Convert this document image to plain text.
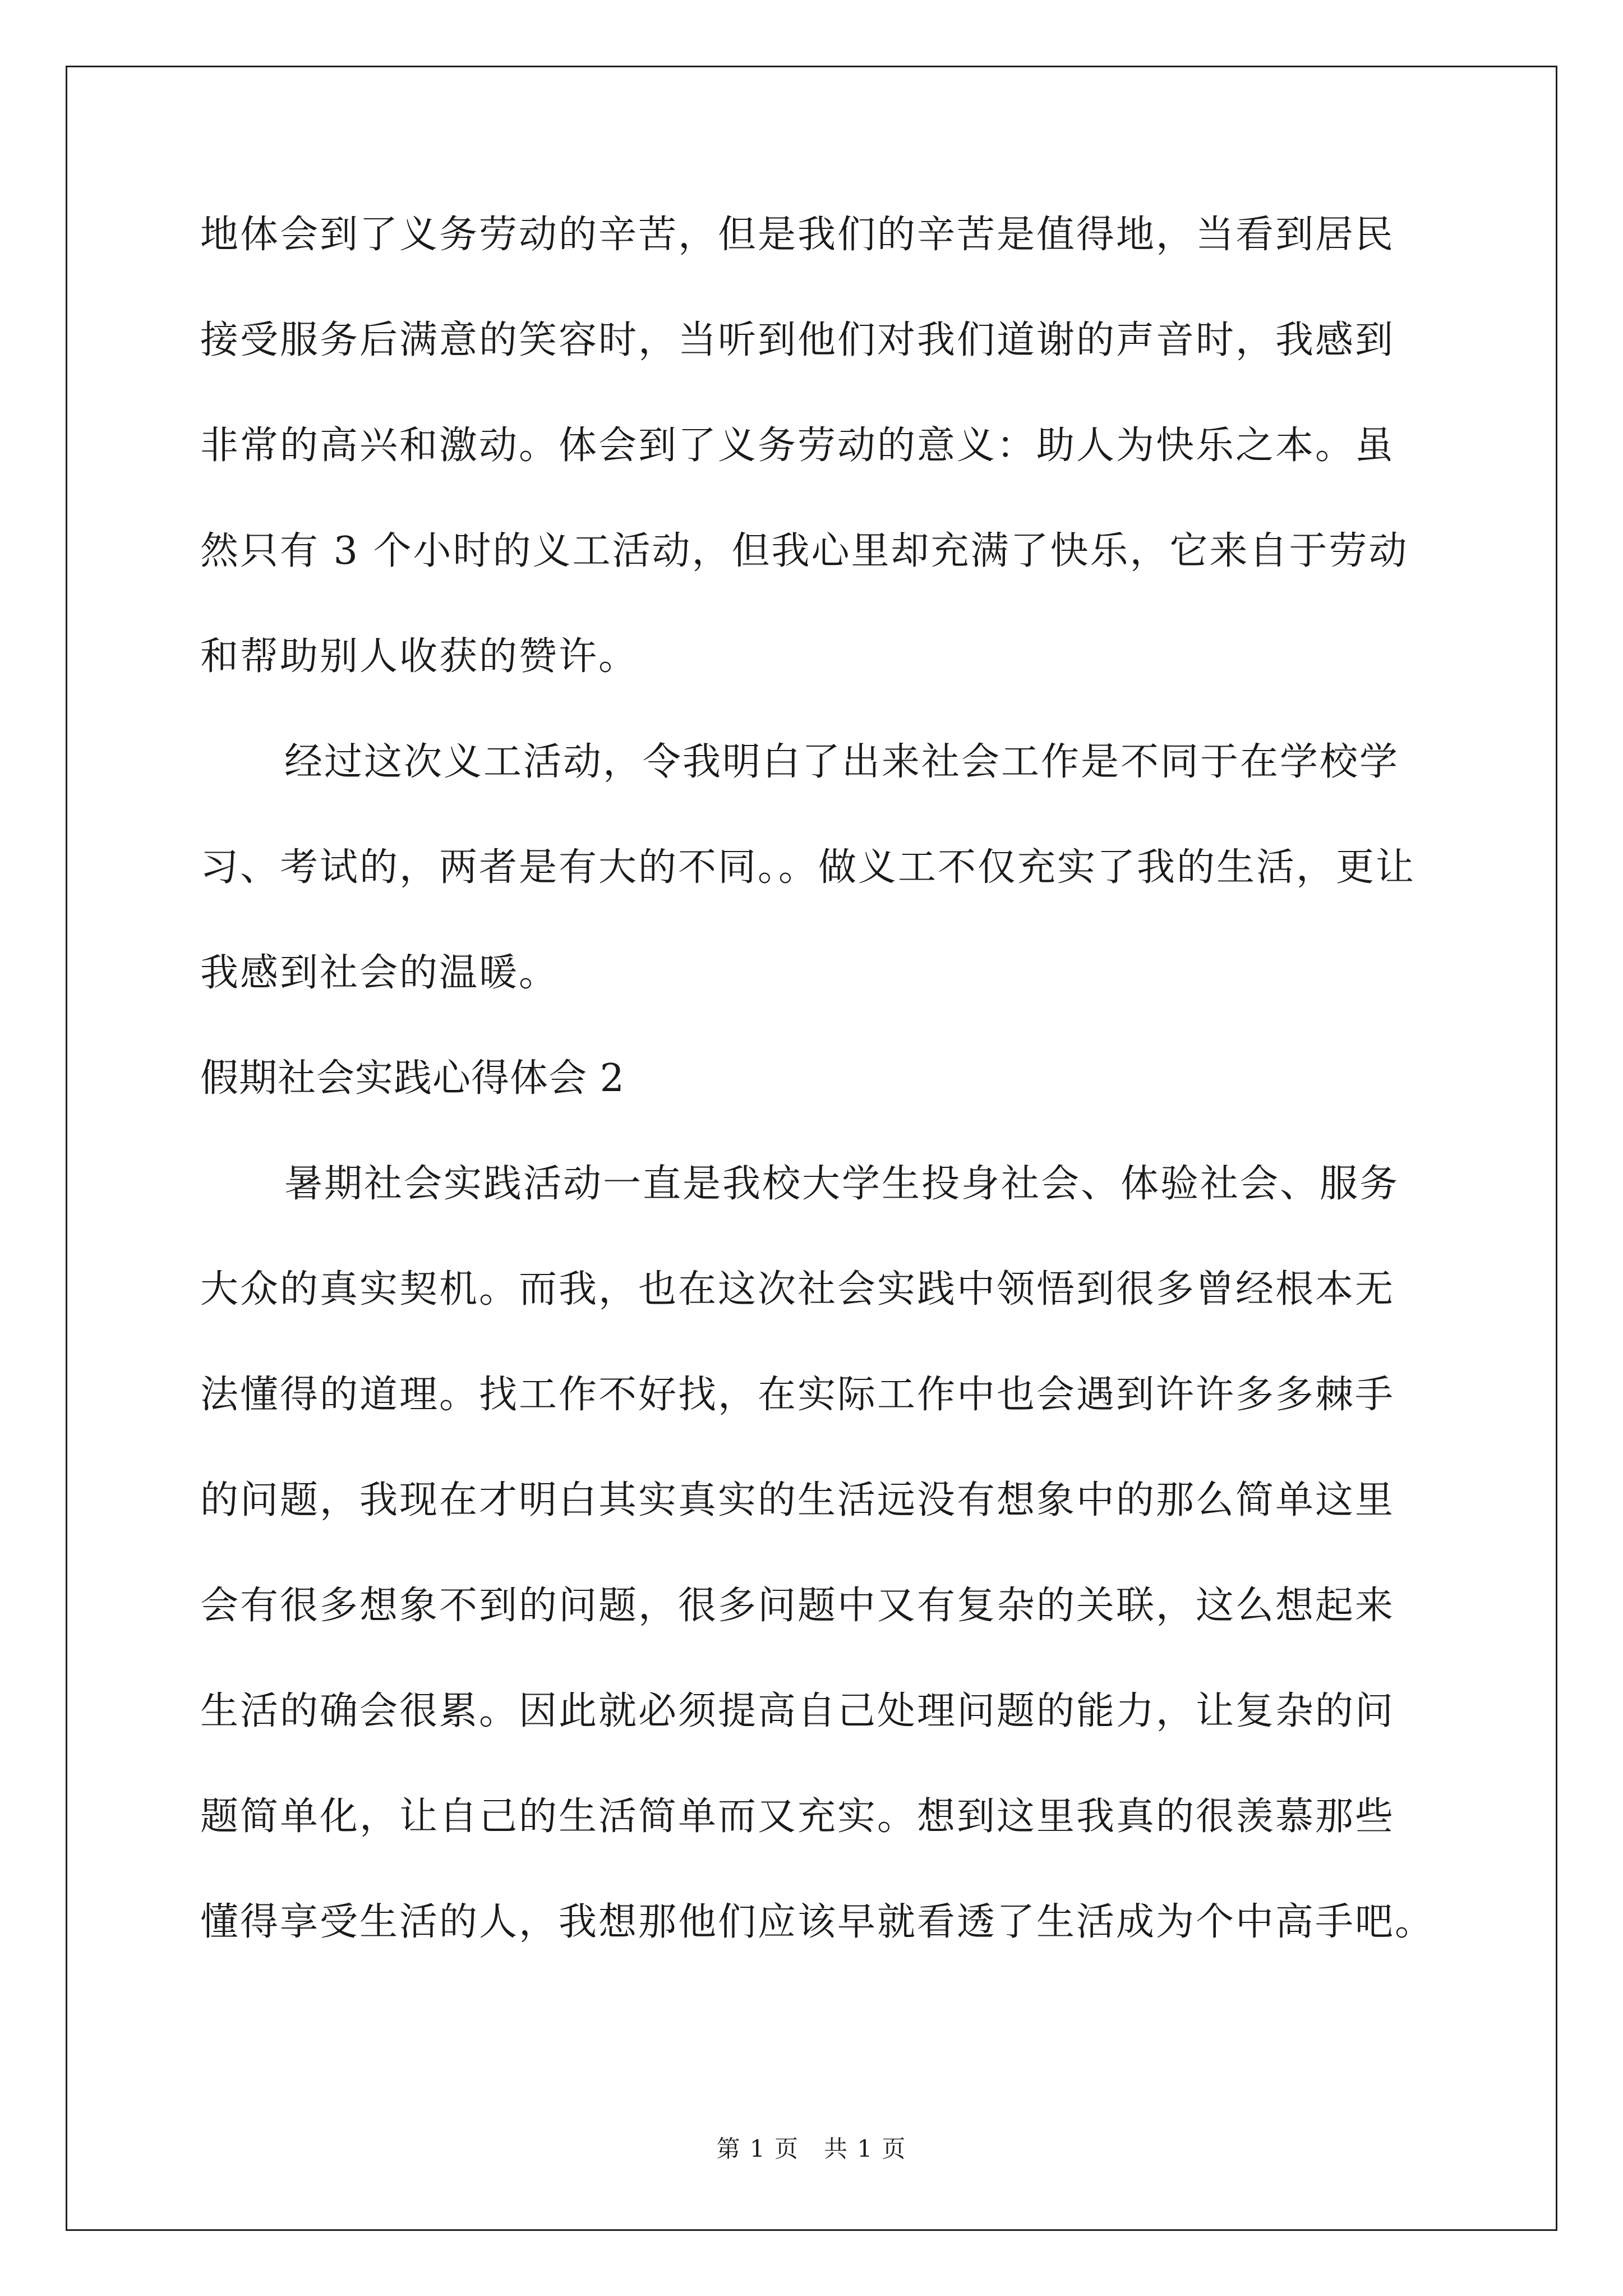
地体会到了义务劳动的辛苦，但是我们的辛苦是值得地，当看到居民
接受服务后满意的笑容时，当听到他们对我们道谢的声音时，我感到
非常的高兴和激动。体会到了义务劳动的意义：助人为快乐之本。虽
然只有 3 个小时的义工活动，但我心里却充满了快乐，它来自于劳动
和帮助别人收获的赞许。
经过这次义工活动，令我明白了出来社会工作是不同于在学校学
习、考试的，两者是有大的不同。。做义工不仅充实了我的生活，更让
我感到社会的温暖。
假期社会实践心得体会 2
暑期社会实践活动一直是我校大学生投身社会、体验社会、服务
大众的真实契机。而我，也在这次社会实践中领悟到很多曾经根本无
法懂得的道理。找工作不好找，在实际工作中也会遇到许许多多棘手
的问题，我现在才明白其实真实的生活远没有想象中的那么简单这里
会有很多想象不到的问题，很多问题中又有复杂的关联，这么想起来
生活的确会很累。因此就必须提高自己处理问题的能力，让复杂的问
题简单化，让自己的生活简单而又充实。想到这里我真的很羡慕那些
懂得享受生活的人，我想那他们应该早就看透了生活成为个中高手吧。
第 1 页　共 1 页
